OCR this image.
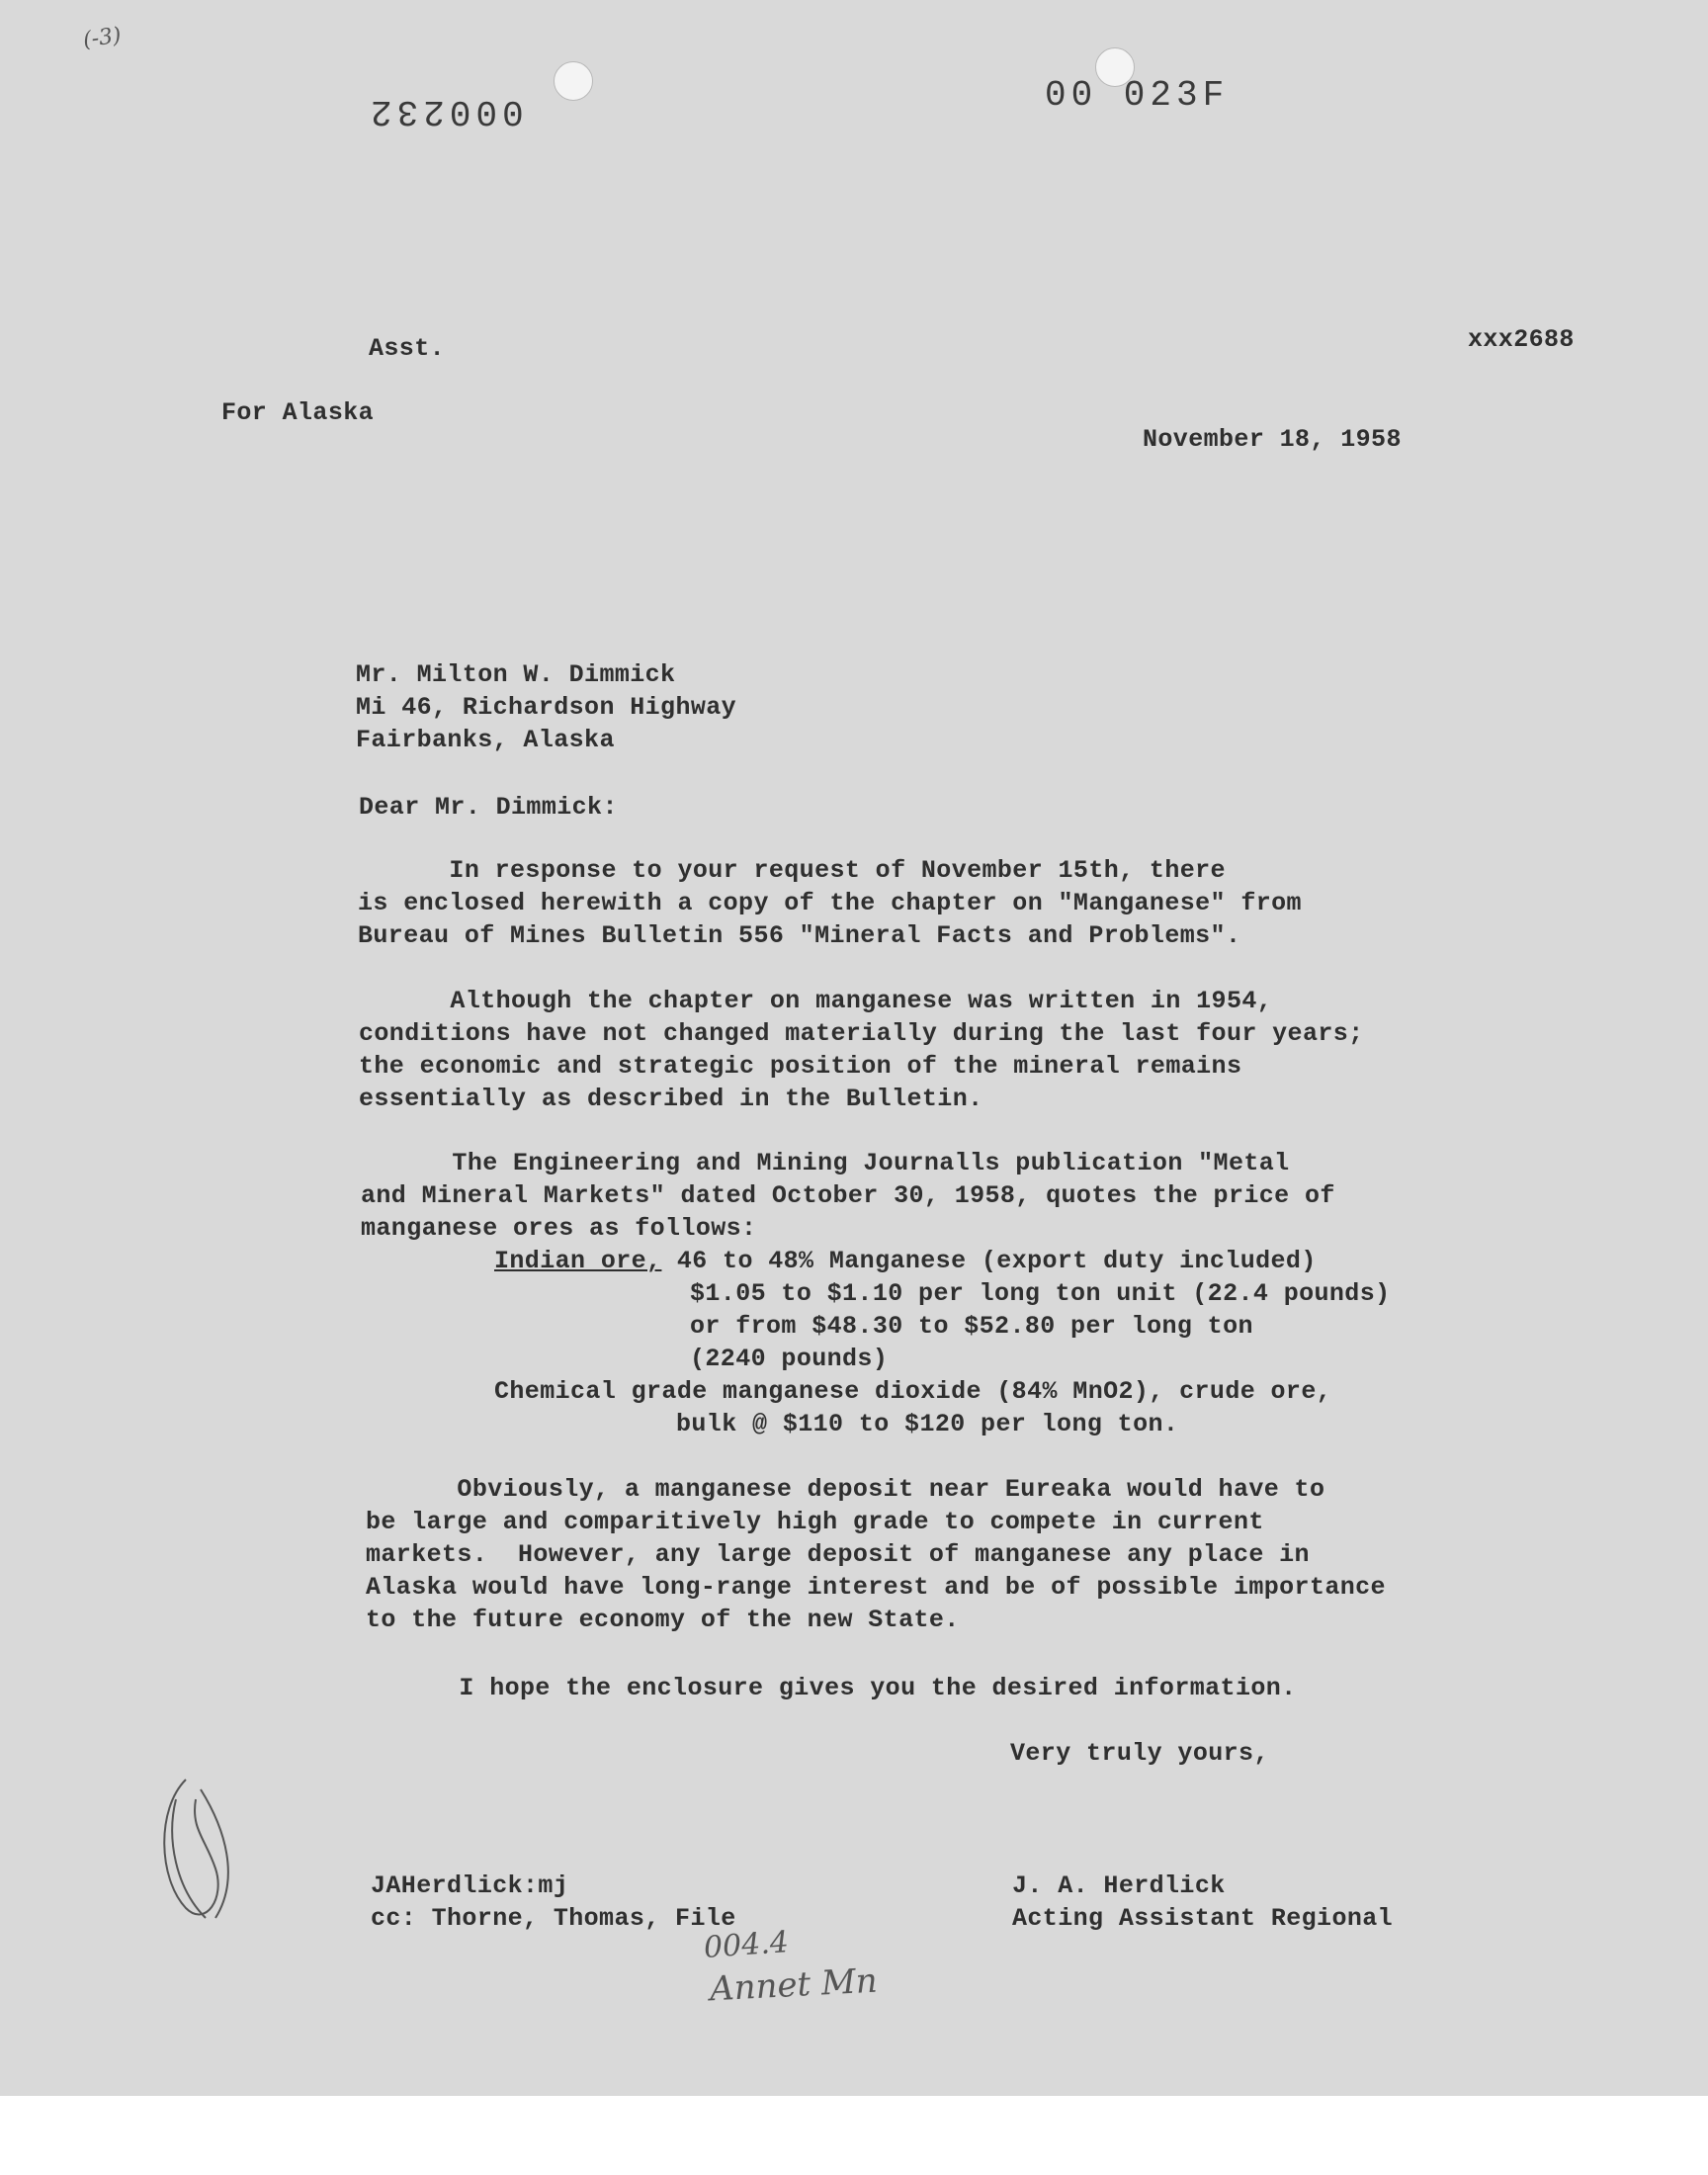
(-3)
000232	00 023F
Asst.	xxx2688
For Alaska
November 18, 1958
Mr. Milton W. Dimmick
Mi 46, Richardson Highway
Fairbanks, Alaska
Dear Mr. Dimmick:
In response to your request of November 15th, there
is enclosed herewith a copy of the chapter on "Manganese" from
Bureau of Mines Bulletin 556 "Mineral Facts and Problems".
Although the chapter on manganese was written in 1954,
conditions have not changed materially during the last four years;
the economic and strategic position of the mineral remains
essentially as described in the Bulletin.
The Engineering and Mining Journalls publication "Metal
and Mineral Markets" dated October 30, 1958, quotes the price of
manganese ores as follows:
Indian ore, 46 to 48% Manganese (export duty included)
$1.05 to $1.10 per long ton unit (22.4 pounds)
or from $48.30 to $52.80 per long ton
(2240 pounds)
Chemical grade manganese dioxide (84% MnO2), crude ore,
bulk @ $110 to $120 per long ton.
Obviously, a manganese deposit near Eureaka would have to
be large and comparitively high grade to compete in current
markets.  However, any large deposit of manganese any place in
Alaska would have long-range interest and be of possible importance
to the future economy of the new State.
I hope the enclosure gives you the desired information.
Very truly yours,
JAHerdlick:mj
cc: Thorne, Thomas, File
J. A. Herdlick
Acting Assistant Regional
004.4
Annet Mn
